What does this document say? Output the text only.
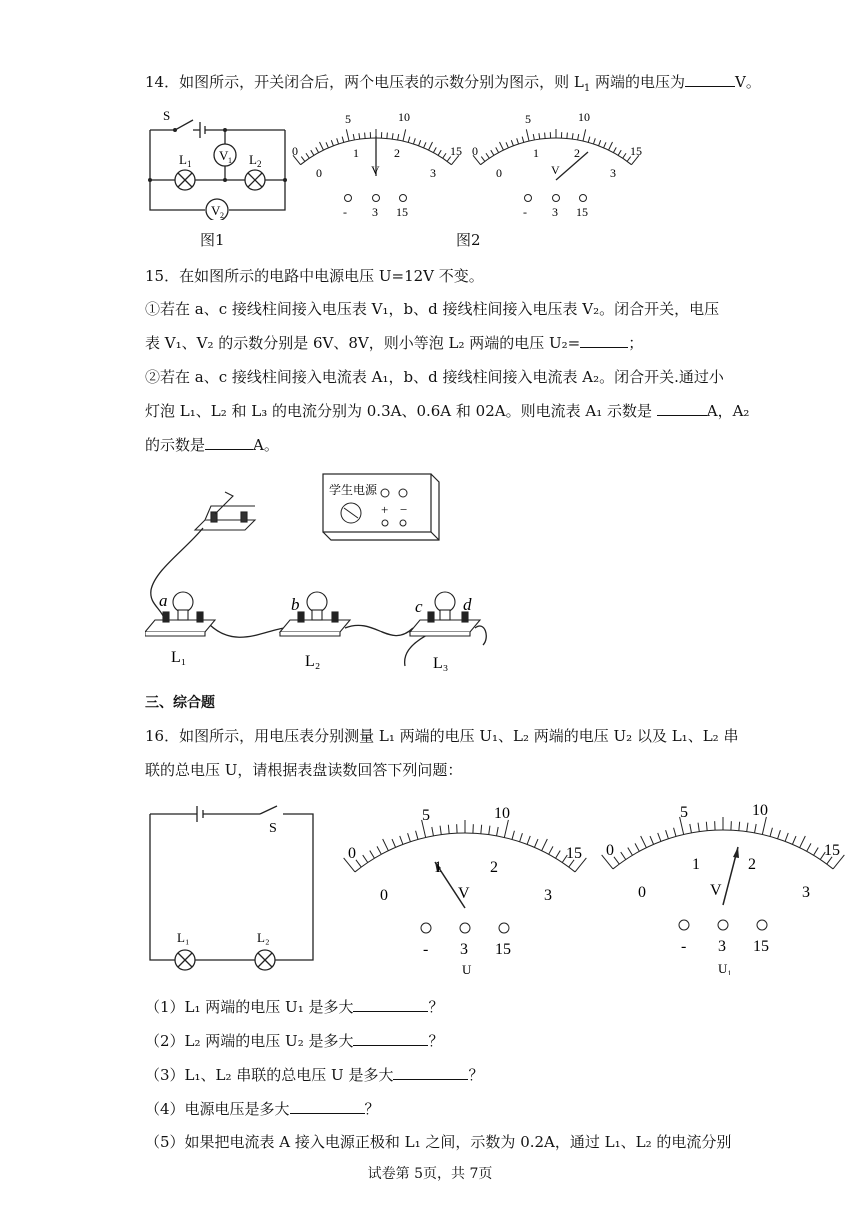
14．如图所示，开关闭合后，两个电压表的示数分别为图示，则 $L_1$ 两端的电压为	V。
S
L 1	L 2
V 1
V 2
图1
0
5	10
15
0
1	2
3
V
- 3 15
0
5	10
15
0
1	2
3
V
- 3 15
图2
15．在如图所示的电路中电源电压 U=12V 不变。
①若在 a、c 接线柱间接入电压表 V₁，b、d 接线柱间接入电压表 V₂。闭合开关，电压
表 V₁、V₂ 的示数分别是 6V、8V，则小等泡 L₂ 两端的电压 U₂=	；
②若在 a、c 接线柱间接入电流表 A₁，b、d 接线柱间接入电流表 A₂。闭合开关.通过小
灯泡 L₁、L₂ 和 L₃ 的电流分别为 0.3A、0.6A 和 02A。则电流表 A₁ 示数是	A，A₂
的示数是	A。
学生电源
+ −
a	b	c d
L₁	L₂	L₃
三、综合题
16．如图所示，用电压表分别测量 L₁ 两端的电压 U₁、L₂ 两端的电压 U₂ 以及 L₁、L₂ 串
联的总电压 U，请根据表盘读数回答下列问题：
S
L₁	L₂
0
5	10
15
0
1	2
3
V
- 3 15
U
0
5	10
15
0
1	2
3
V
- 3 15
U₁
（1）L₁ 两端的电压 U₁ 是多大	？
（2）L₂ 两端的电压 U₂ 是多大	？
（3）L₁、L₂ 串联的总电压 U 是多大	？
（4）电源电压是多大	？
（5）如果把电流表 A 接入电源正极和 L₁ 之间，示数为 0.2A，通过 L₁、L₂ 的电流分别
试卷第 5页，共 7页
